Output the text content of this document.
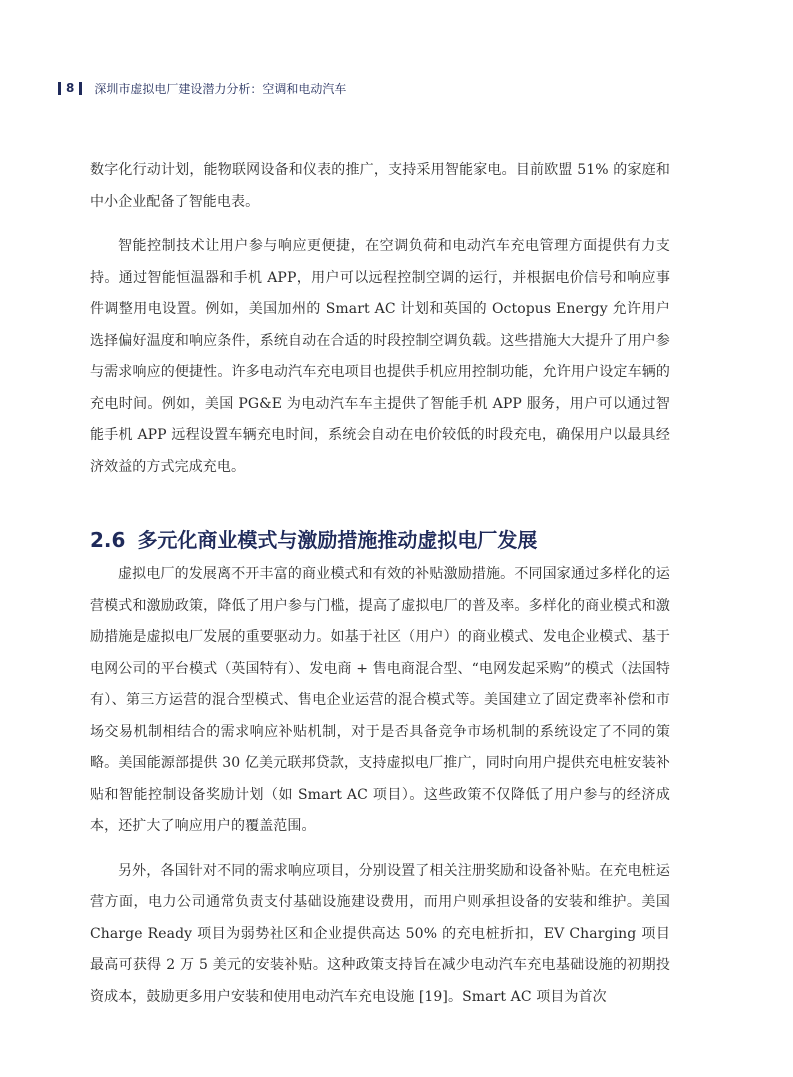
8 深圳市虚拟电厂建设潜力分析：空调和电动汽车

数字化行动计划，能物联网设备和仪表的推广，支持采用智能家电。目前欧盟 51% 的家庭和中小企业配备了智能电表。

智能控制技术让用户参与响应更便捷，在空调负荷和电动汽车充电管理方面提供有力支持。通过智能恒温器和手机 APP，用户可以远程控制空调的运行，并根据电价信号和响应事件调整用电设置。例如，美国加州的 Smart AC 计划和英国的 Octopus Energy 允许用户选择偏好温度和响应条件，系统自动在合适的时段控制空调负载。这些措施大大提升了用户参与需求响应的便捷性。许多电动汽车充电项目也提供手机应用控制功能，允许用户设定车辆的充电时间。例如，美国 PG&E 为电动汽车车主提供了智能手机 APP 服务，用户可以通过智能手机 APP 远程设置车辆充电时间，系统会自动在电价较低的时段充电，确保用户以最具经济效益的方式完成充电。

2.6 多元化商业模式与激励措施推动虚拟电厂发展

虚拟电厂的发展离不开丰富的商业模式和有效的补贴激励措施。不同国家通过多样化的运营模式和激励政策，降低了用户参与门槛，提高了虚拟电厂的普及率。多样化的商业模式和激励措施是虚拟电厂发展的重要驱动力。如基于社区（用户）的商业模式、发电企业模式、基于电网公司的平台模式（英国特有）、发电商 + 售电商混合型、“电网发起采购”的模式（法国特有）、第三方运营的混合型模式、售电企业运营的混合模式等。美国建立了固定费率补偿和市场交易机制相结合的需求响应补贴机制，对于是否具备竞争市场机制的系统设定了不同的策略。美国能源部提供 30 亿美元联邦贷款，支持虚拟电厂推广，同时向用户提供充电桩安装补贴和智能控制设备奖励计划（如 Smart AC 项目）。这些政策不仅降低了用户参与的经济成本，还扩大了响应用户的覆盖范围。

另外，各国针对不同的需求响应项目，分别设置了相关注册奖励和设备补贴。在充电桩运营方面，电力公司通常负责支付基础设施建设费用，而用户则承担设备的安装和维护。美国 Charge Ready 项目为弱势社区和企业提供高达 50% 的充电桩折扣，EV Charging 项目最高可获得 2 万 5 美元的安装补贴。这种政策支持旨在减少电动汽车充电基础设施的初期投资成本，鼓励更多用户安装和使用电动汽车充电设施 [19]。Smart AC 项目为首次
